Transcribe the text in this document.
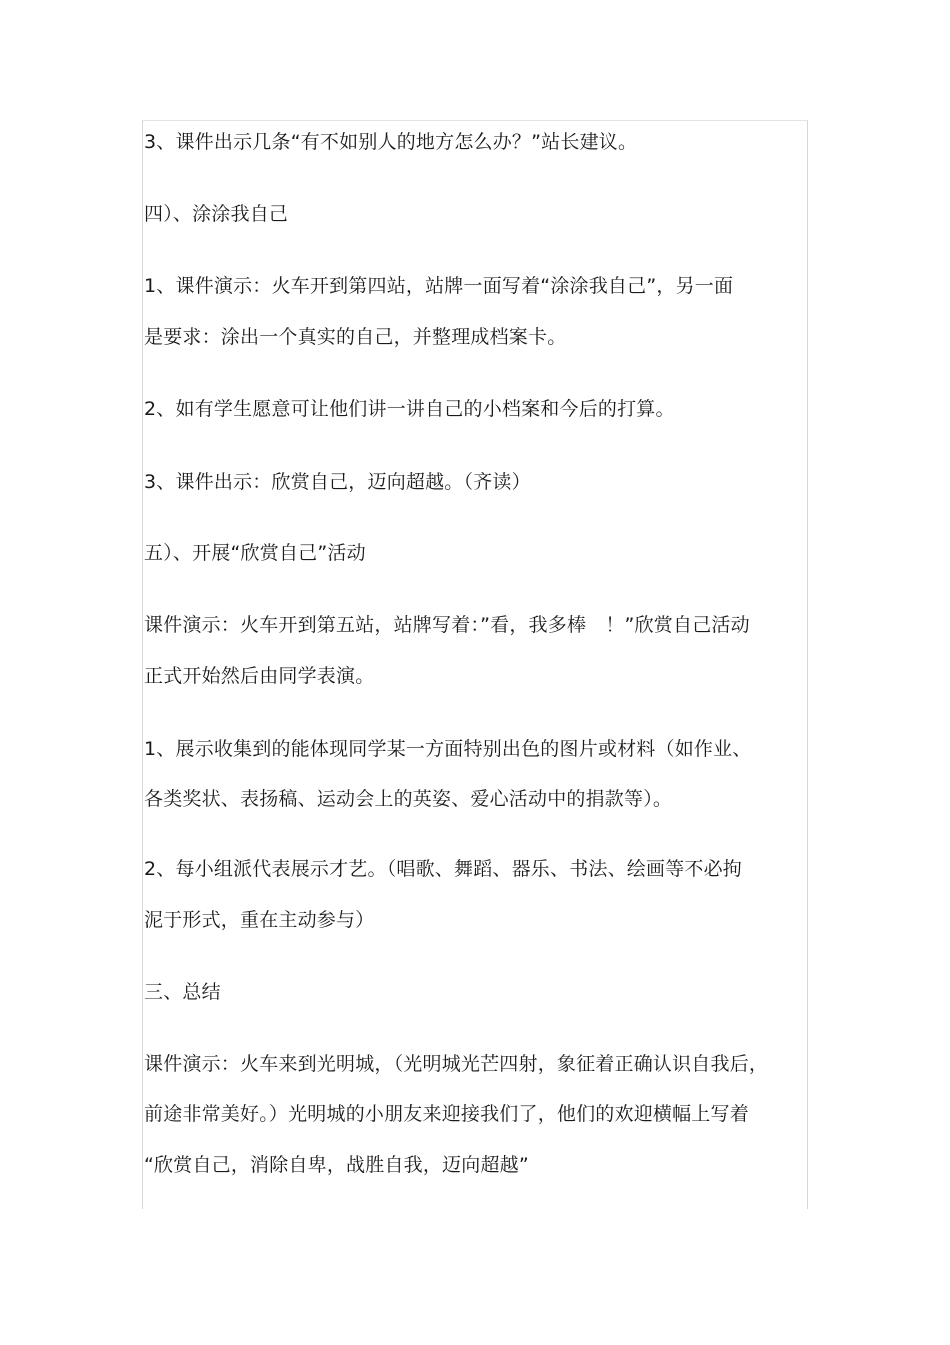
3、课件出示几条“有不如别人的地方怎么办？”站长建议。
四）、涂涂我自己
1、课件演示：火车开到第四站，站牌一面写着“涂涂我自己”，另一面
是要求：涂出一个真实的自己，并整理成档案卡。
2、如有学生愿意可让他们讲一讲自己的小档案和今后的打算。
3、课件出示：欣赏自己，迈向超越。（齐读）
五）、开展“欣赏自己”活动
课件演示：火车开到第五站，站牌写着：”看，我多棒　！”欣赏自己活动
正式开始然后由同学表演。
1、展示收集到的能体现同学某一方面特别出色的图片或材料（如作业、
各类奖状、表扬稿、运动会上的英姿、爱心活动中的捐款等）。
2、每小组派代表展示才艺。（唱歌、舞蹈、器乐、书法、绘画等不必拘
泥于形式，重在主动参与）
三、总结
课件演示：火车来到光明城，（光明城光芒四射，象征着正确认识自我后，
前途非常美好。）光明城的小朋友来迎接我们了，他们的欢迎横幅上写着
“欣赏自己，消除自卑，战胜自我，迈向超越”
